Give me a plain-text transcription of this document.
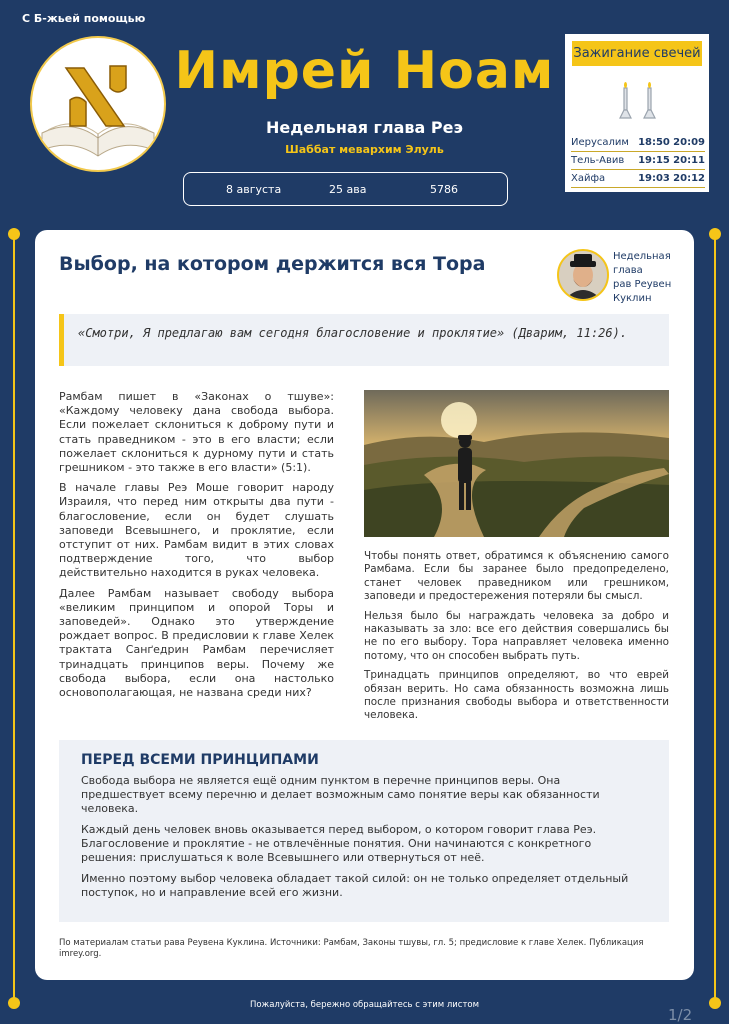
С Б-жьей помощью
Имрей Ноам
Недельная глава Реэ
Шаббат мевархим Элуль
8 августа	25 ава	5786
Зажигание свечей
Иерусалим	18:50	20:09
Тель-Авив	19:15	20:11
Хайфа	19:03	20:12
Выбор, на котором держится вся Тора	Недельная глава
рав Реувен
Куклин
«Смотри, Я предлагаю вам сегодня благословение и проклятие» (Дварим, 11:26).

Рамбам пишет в «Законах о тшуве»: «Каждому человеку дана свобода выбора. Если пожелает склониться к доброму пути и стать праведником - это в его власти; если пожелает склониться к дурному пути и стать грешником - это также в его власти» (5:1).

В начале главы Реэ Моше говорит народу Израиля, что перед ним открыты два пути - благословение, если он будет слушать заповеди Всевышнего, и проклятие, если отступит от них. Рамбам видит в этих словах подтверждение того, что выбор действительно находится в руках человека.

Далее Рамбам называет свободу выбора «великим принципом и опорой Торы и заповедей». Однако это утверждение рождает вопрос. В предисловии к главе Хелек трактата Санґедрин Рамбам перечисляет тринадцать принципов веры. Почему же свобода выбора, если она настолько основополагающая, не названа среди них?

Чтобы понять ответ, обратимся к объяснению самого Рамбама. Если бы заранее было предопределено, станет человек праведником или грешником, заповеди и предостережения потеряли бы смысл.

Нельзя было бы награждать человека за добро и наказывать за зло: все его действия совершались бы не по его выбору. Тора направляет человека именно потому, что он способен выбрать путь.

Тринадцать принципов определяют, во что еврей обязан верить. Но сама обязанность возможна лишь после признания свободы выбора и ответственности человека.

ПЕРЕД ВСЕМИ ПРИНЦИПАМИ

Свобода выбора не является ещё одним пунктом в перечне принципов веры. Она предшествует всему перечню и делает возможным само понятие веры как обязанности человека.

Каждый день человек вновь оказывается перед выбором, о котором говорит глава Реэ. Благословение и проклятие - не отвлечённые понятия. Они начинаются с конкретного решения: прислушаться к воле Всевышнего или отвернуться от неё.

Именно поэтому выбор человека обладает такой силой: он не только определяет отдельный поступок, но и направление всей его жизни.

По материалам статьи рава Реувена Куклина. Источники: Рамбам, Законы тшувы, гл. 5; предисловие к главе Хелек. Публикация imrey.org.
Пожалуйста, бережно обращайтесь с этим листом
1/2
